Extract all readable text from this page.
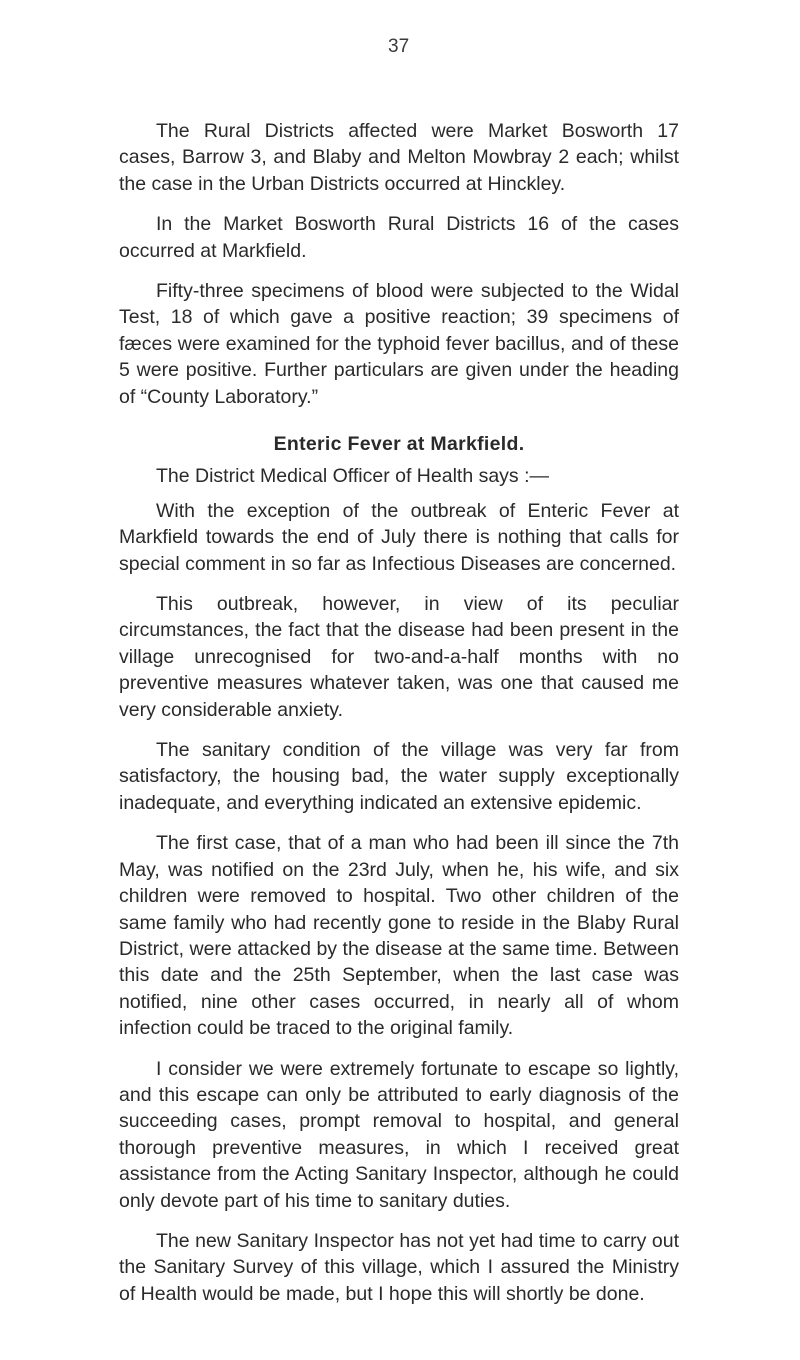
37

The Rural Districts affected were Market Bosworth 17 cases, Barrow 3, and Blaby and Melton Mowbray 2 each; whilst the case in the Urban Districts occurred at Hinckley.

In the Market Bosworth Rural Districts 16 of the cases occurred at Markfield.

Fifty-three specimens of blood were subjected to the Widal Test, 18 of which gave a positive reaction; 39 specimens of fæces were examined for the typhoid fever bacillus, and of these 5 were positive. Further particulars are given under the heading of “County Laboratory.”

Enteric Fever at Markfield.

The District Medical Officer of Health says :—

With the exception of the outbreak of Enteric Fever at Markfield towards the end of July there is nothing that calls for special comment in so far as Infectious Diseases are concerned.

This outbreak, however, in view of its peculiar circumstances, the fact that the disease had been present in the village unrecognised for two-and-a-half months with no preventive measures whatever taken, was one that caused me very considerable anxiety.

The sanitary condition of the village was very far from satisfactory, the housing bad, the water supply exceptionally inadequate, and everything indicated an extensive epidemic.

The first case, that of a man who had been ill since the 7th May, was notified on the 23rd July, when he, his wife, and six children were removed to hospital. Two other children of the same family who had recently gone to reside in the Blaby Rural District, were attacked by the disease at the same time. Between this date and the 25th September, when the last case was notified, nine other cases occurred, in nearly all of whom infection could be traced to the original family.

I consider we were extremely fortunate to escape so lightly, and this escape can only be attributed to early diagnosis of the succeeding cases, prompt removal to hospital, and general thorough preventive measures, in which I received great assistance from the Acting Sanitary Inspector, although he could only devote part of his time to sanitary duties.

The new Sanitary Inspector has not yet had time to carry out the Sanitary Survey of this village, which I assured the Ministry of Health would be made, but I hope this will shortly be done.
